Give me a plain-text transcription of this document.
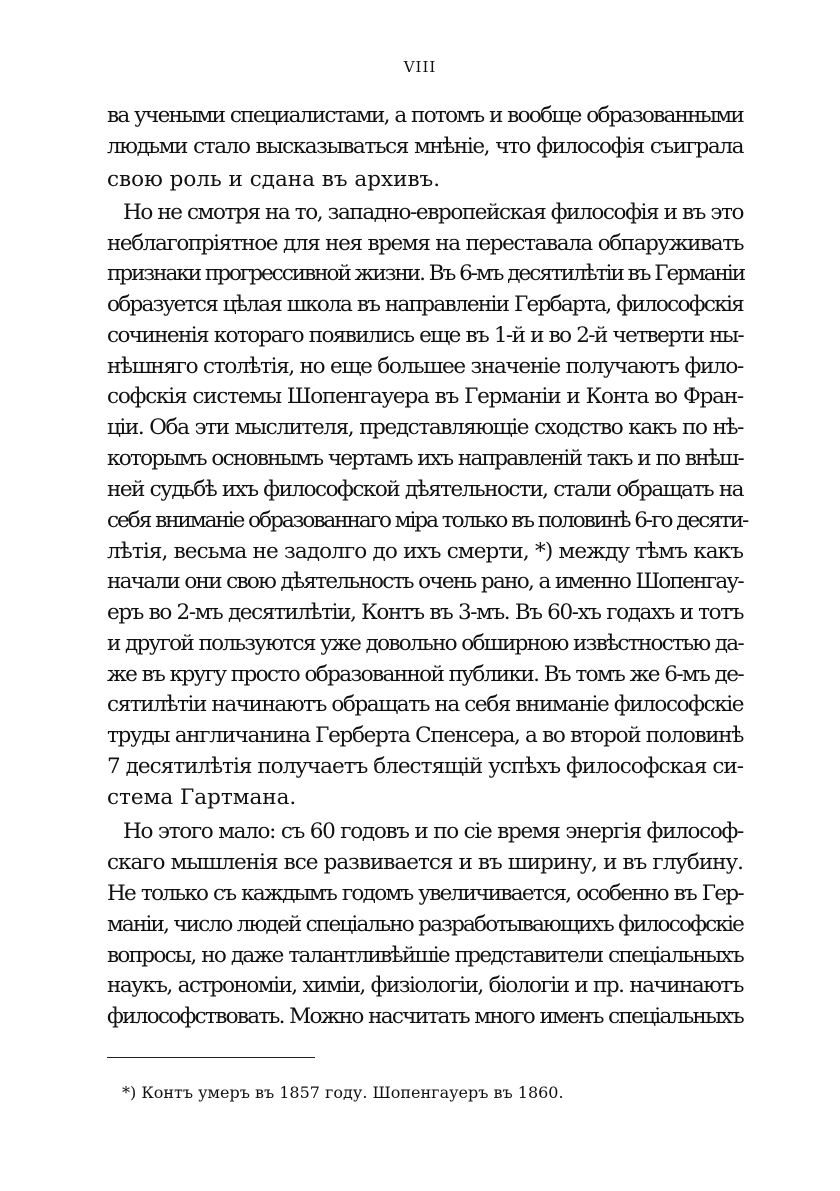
VIII
ва учеными специалистами, а потомъ и вообще образованными
людьми стало высказываться мнѣніе, что философія съиграла
свою роль и сдана въ архивъ.
Но не смотря на то, западно-европейская философія и въ это
неблагопріятное для нея время на переставала обпаруживать
признаки прогрессивной жизни. Въ 6-мъ десятилѣтіи въ Германіи
образуется цѣлая школа въ направленіи Гербарта, философскія
сочиненія котораго появились еще въ 1-й и во 2-й четверти ны-
нѣшняго столѣтія, но еще большее значеніе получаютъ фило-
софскія системы Шопенгауера въ Германіи и Конта во Фран-
ціи. Оба эти мыслителя, представляющіе сходство какъ по нѣ-
которымъ основнымъ чертамъ ихъ направленій такъ и по внѣш-
ней судьбѣ ихъ философской дѣятельности, стали обращать на
себя вниманіе образованнаго міра только въ половинѣ 6-го десяти-
лѣтія, весьма не задолго до ихъ смерти, *) между тѣмъ какъ
начали они свою дѣятельность очень рано, а именно Шопенгау-
еръ во 2-мъ десятилѣтіи, Контъ въ 3-мъ. Въ 60-хъ годахъ и тотъ
и другой пользуются уже довольно обширною извѣстностью да-
же въ кругу просто образованной публики. Въ томъ же 6-мъ де-
сятилѣтіи начинаютъ обращать на себя вниманіе философскіе
труды англичанина Герберта Спенсера, а во второй половинѣ
7 десятилѣтія получаетъ блестящій успѣхъ философская си-
стема Гартмана.
Но этого мало: съ 60 годовъ и по сіе время энергія философ-
скаго мышленія все развивается и въ ширину, и въ глубину.
Не только съ каждымъ годомъ увеличивается, особенно въ Гер-
маніи, число людей спеціально разработывающихъ философскіе
вопросы, но даже талантливѣйшіе представители спеціальныхъ
наукъ, астрономіи, химіи, физіологіи, біологіи и пр. начинаютъ
философствовать. Можно насчитать много именъ спеціальныхъ
*) Контъ умеръ въ 1857 году. Шопенгауеръ въ 1860.
